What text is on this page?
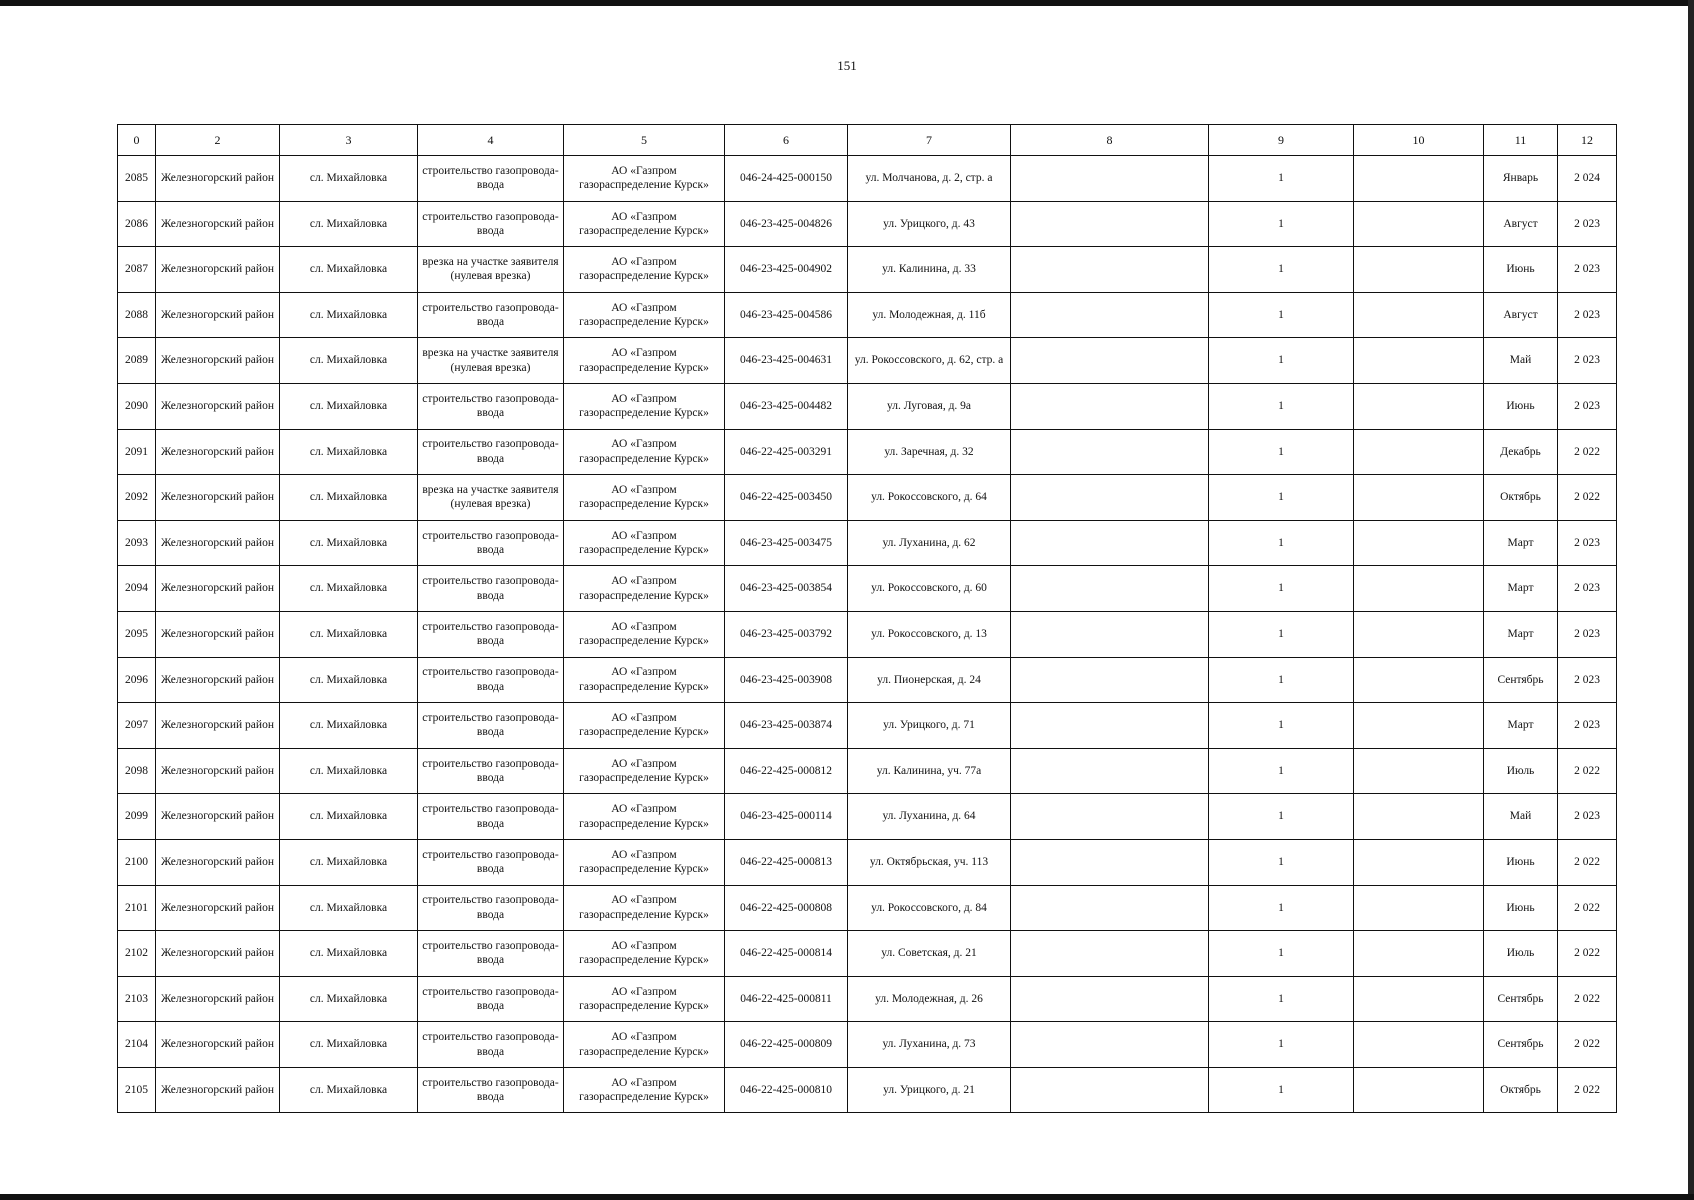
151
0	2	3	4	5	6	7	8	9	10	11	12
2085	Железногорский район	сл. Михайловка	строительство газопровода-ввода	АО «Газпром газораспределение Курск»	046-24-425-000150	ул. Молчанова, д. 2, стр. а		1		Январь	2 024
2086	Железногорский район	сл. Михайловка	строительство газопровода-ввода	АО «Газпром газораспределение Курск»	046-23-425-004826	ул. Урицкого, д. 43		1		Август	2 023
2087	Железногорский район	сл. Михайловка	врезка на участке заявителя (нулевая врезка)	АО «Газпром газораспределение Курск»	046-23-425-004902	ул. Калинина, д. 33		1		Июнь	2 023
2088	Железногорский район	сл. Михайловка	строительство газопровода-ввода	АО «Газпром газораспределение Курск»	046-23-425-004586	ул. Молодежная, д. 11б		1		Август	2 023
2089	Железногорский район	сл. Михайловка	врезка на участке заявителя (нулевая врезка)	АО «Газпром газораспределение Курск»	046-23-425-004631	ул. Рокоссовского, д. 62, стр. а		1		Май	2 023
2090	Железногорский район	сл. Михайловка	строительство газопровода-ввода	АО «Газпром газораспределение Курск»	046-23-425-004482	ул. Луговая, д. 9а		1		Июнь	2 023
2091	Железногорский район	сл. Михайловка	строительство газопровода-ввода	АО «Газпром газораспределение Курск»	046-22-425-003291	ул. Заречная, д. 32		1		Декабрь	2 022
2092	Железногорский район	сл. Михайловка	врезка на участке заявителя (нулевая врезка)	АО «Газпром газораспределение Курск»	046-22-425-003450	ул. Рокоссовского, д. 64		1		Октябрь	2 022
2093	Железногорский район	сл. Михайловка	строительство газопровода-ввода	АО «Газпром газораспределение Курск»	046-23-425-003475	ул. Луханина, д. 62		1		Март	2 023
2094	Железногорский район	сл. Михайловка	строительство газопровода-ввода	АО «Газпром газораспределение Курск»	046-23-425-003854	ул. Рокоссовского, д. 60		1		Март	2 023
2095	Железногорский район	сл. Михайловка	строительство газопровода-ввода	АО «Газпром газораспределение Курск»	046-23-425-003792	ул. Рокоссовского, д. 13		1		Март	2 023
2096	Железногорский район	сл. Михайловка	строительство газопровода-ввода	АО «Газпром газораспределение Курск»	046-23-425-003908	ул. Пионерская, д. 24		1		Сентябрь	2 023
2097	Железногорский район	сл. Михайловка	строительство газопровода-ввода	АО «Газпром газораспределение Курск»	046-23-425-003874	ул. Урицкого, д. 71		1		Март	2 023
2098	Железногорский район	сл. Михайловка	строительство газопровода-ввода	АО «Газпром газораспределение Курск»	046-22-425-000812	ул. Калинина, уч. 77а		1		Июль	2 022
2099	Железногорский район	сл. Михайловка	строительство газопровода-ввода	АО «Газпром газораспределение Курск»	046-23-425-000114	ул. Луханина, д. 64		1		Май	2 023
2100	Железногорский район	сл. Михайловка	строительство газопровода-ввода	АО «Газпром газораспределение Курск»	046-22-425-000813	ул. Октябрьская, уч. 113		1		Июнь	2 022
2101	Железногорский район	сл. Михайловка	строительство газопровода-ввода	АО «Газпром газораспределение Курск»	046-22-425-000808	ул. Рокоссовского, д. 84		1		Июнь	2 022
2102	Железногорский район	сл. Михайловка	строительство газопровода-ввода	АО «Газпром газораспределение Курск»	046-22-425-000814	ул. Советская, д. 21		1		Июль	2 022
2103	Железногорский район	сл. Михайловка	строительство газопровода-ввода	АО «Газпром газораспределение Курск»	046-22-425-000811	ул. Молодежная, д. 26		1		Сентябрь	2 022
2104	Железногорский район	сл. Михайловка	строительство газопровода-ввода	АО «Газпром газораспределение Курск»	046-22-425-000809	ул. Луханина, д. 73		1		Сентябрь	2 022
2105	Железногорский район	сл. Михайловка	строительство газопровода-ввода	АО «Газпром газораспределение Курск»	046-22-425-000810	ул. Урицкого, д. 21		1		Октябрь	2 022
